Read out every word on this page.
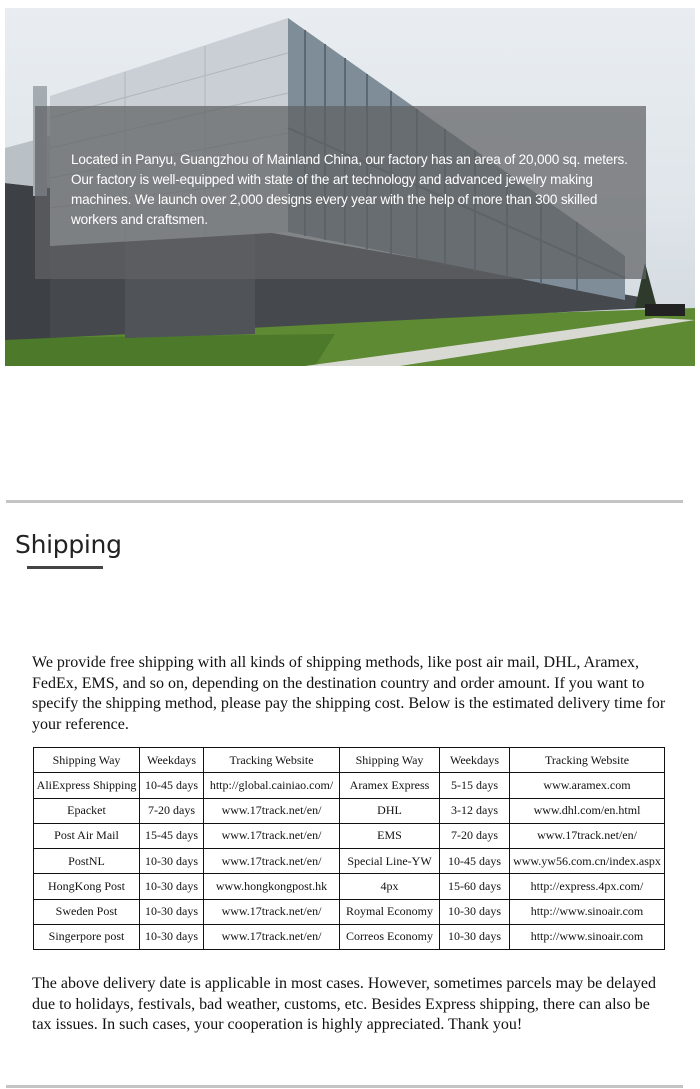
Located in Panyu, Guangzhou of Mainland China, our factory has an area of 20,000 sq. meters. Our factory is well-equipped with state of the art technology and advanced jewelry making machines. We launch over 2,000 designs every year with the help of more than 300 skilled workers and craftsmen.

Shipping

We provide free shipping with all kinds of shipping methods, like post air mail, DHL, Aramex, FedEx, EMS, and so on, depending on the destination country and order amount. If you want to specify the shipping method, please pay the shipping cost. Below is the estimated delivery time for your reference.

Shipping Way	Weekdays	Tracking Website	Shipping Way	Weekdays	Tracking Website
AliExpress Shipping	10-45 days	http://global.cainiao.com/	Aramex Express	5-15 days	www.aramex.com
Epacket	7-20 days	www.17track.net/en/	DHL	3-12 days	www.dhl.com/en.html
Post Air Mail	15-45 days	www.17track.net/en/	EMS	7-20 days	www.17track.net/en/
PostNL	10-30 days	www.17track.net/en/	Special Line-YW	10-45 days	www.yw56.com.cn/index.aspx
HongKong Post	10-30 days	www.hongkongpost.hk	4px	15-60 days	http://express.4px.com/
Sweden Post	10-30 days	www.17track.net/en/	Roymal Economy	10-30 days	http://www.sinoair.com
Singerpore post	10-30 days	www.17track.net/en/	Correos Economy	10-30 days	http://www.sinoair.com

The above delivery date is applicable in most cases. However, sometimes parcels may be delayed due to holidays, festivals, bad weather, customs, etc. Besides Express shipping, there can also be tax issues. In such cases, your cooperation is highly appreciated. Thank you!
